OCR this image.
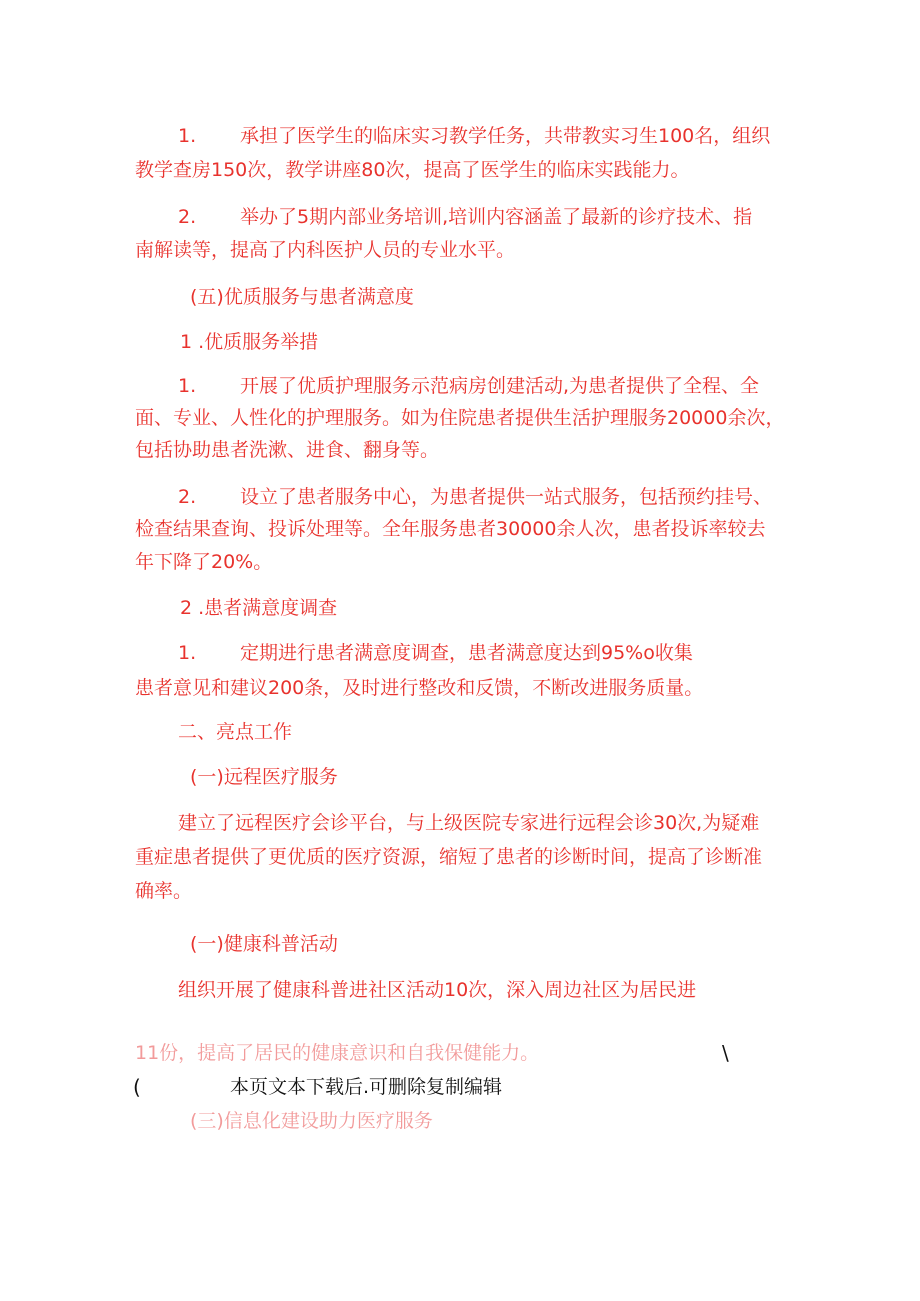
1. 承担了医学生的临床实习教学任务，共带教实习生100名，组织
教学查房150次，教学讲座80次，提高了医学生的临床实践能力。
2. 举办了5期内部业务培训,培训内容涵盖了最新的诊疗技术、指
南解读等，提高了内科医护人员的专业水平。
(五)优质服务与患者满意度
1 .优质服务举措
1. 开展了优质护理服务示范病房创建活动,为患者提供了全程、全
面、专业、人性化的护理服务。如为住院患者提供生活护理服务20000余次，
包括协助患者洗漱、进食、翻身等。
2. 设立了患者服务中心，为患者提供一站式服务，包括预约挂号、
检查结果查询、投诉处理等。全年服务患者30000余人次，患者投诉率较去
年下降了20%。
2 .患者满意度调查
1. 定期进行患者满意度调查，患者满意度达到95%o收集
患者意见和建议200条，及时进行整改和反馈，不断改进服务质量。
二、亮点工作
(一)远程医疗服务
建立了远程医疗会诊平台，与上级医院专家进行远程会诊30次,为疑难
重症患者提供了更优质的医疗资源，缩短了患者的诊断时间，提高了诊断准
确率。
(一)健康科普活动
组织开展了健康科普进社区活动10次，深入周边社区为居民进
11份，提高了居民的健康意识和自我保健能力。	\
(	本页文本下载后.可删除复制编辑
(三)信息化建设助力医疗服务
